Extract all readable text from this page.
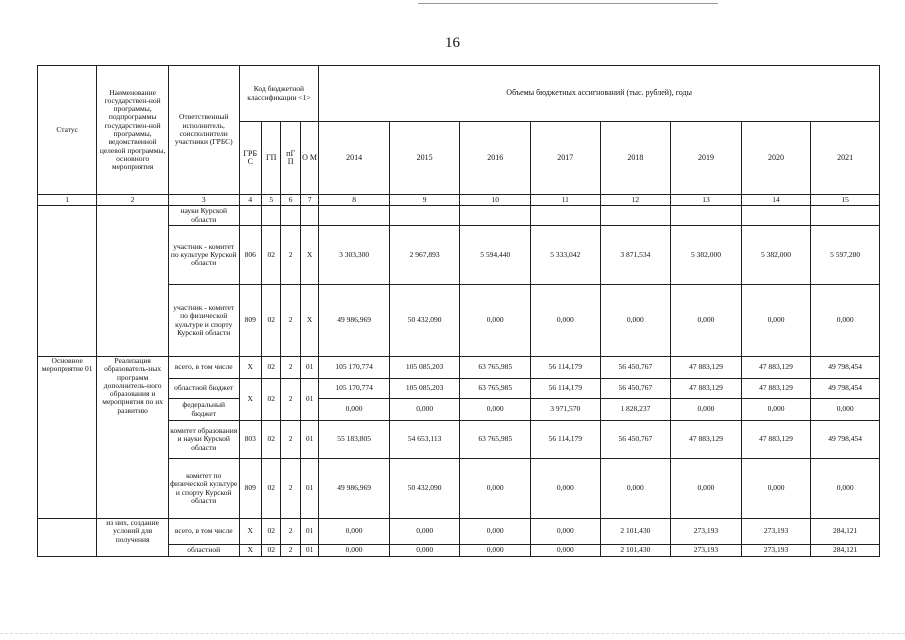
16
Статус	Наименование государствен-ной программы, подпрограммы государствен-ной программы, ведомственной целевой программы, основного мероприятия	Ответственный исполнитель, соисполнители участники (ГРБС)	Код бюджетной классификации <1>				Объемы бюджетных ассигнований (тыс. рублей), годы							
			ГРБ С	ГП	пГ П	О М	2014	2015	2016	2017	2018	2019	2020	2021
1	2	3	4	5	6	7	8	9	10	11	12	13	14	15
		науки Курской области												
		участник - комитет по культуре Курской области	806	02	2	Х	3 303,300	2 967,893	5 594,440	5 333,042	3 871,534	5 382,000	5 382,000	5 597,280
		участник - комитет по физической культуре и спорту Курской области	809	02	2	Х	49 986,969	50 432,090	0,000	0,000	0,000	0,000	0,000	0,000
Основное мероприятие 01	Реализация образователь-ных программ дополнитель-ного образования и мероприятия по их развитию	всего, в том числе	Х	02	2	01	105 170,774	105 085,203	63 765,985	56 114,179	56 450,767	47 883,129	47 883,129	49 798,454
		областной бюджет	Х	02	2	01	105 170,774	105 085,203	63 765,985	56 114,179	56 450,767	47 883,129	47 883,129	49 798,454
		федеральный бюджет					0,000	0,000	0,000	3 971,570	1 828,237	0,000	0,000	0,000
		комитет образования и науки Курской области	803	02	2	01	55 183,805	54 653,113	63 765,985	56 114,179	56 450,767	47 883,129	47 883,129	49 798,454
		комитет по физической культуре и спорту Курской области	809	02	2	01	49 986,969	50 432,090	0,000	0,000	0,000	0,000	0,000	0,000
	из них, создание условий для получения	всего, в том числе	Х	02	2	01	0,000	0,000	0,000	0,000	2 101,430	273,193	273,193	284,121
		областной	Х	02	2	01	0,000	0,000	0,000	0,000	2 101,430	273,193	273,193	284,121
